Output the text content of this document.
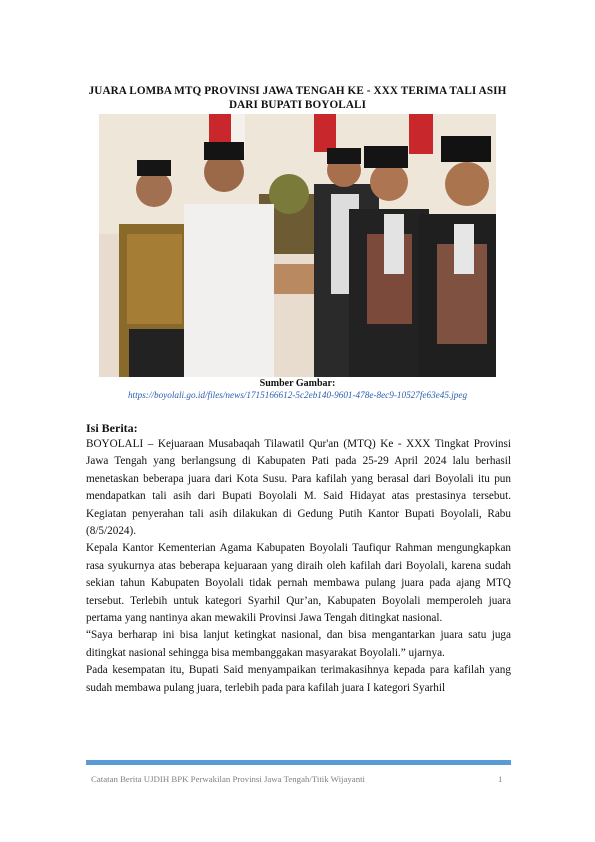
JUARA LOMBA MTQ PROVINSI JAWA TENGAH KE - XXX TERIMA TALI ASIH DARI BUPATI BOYOLALI
Sumber Gambar:
https://boyolali.go.id/files/news/1715166612-5c2eb140-9601-478e-8ec9-10527fe63e45.jpeg
Isi Berita:

BOYOLALI – Kejuaraan Musabaqah Tilawatil Qur'an (MTQ) Ke - XXX Tingkat Provinsi Jawa Tengah yang berlangsung di Kabupaten Pati pada 25-29 April 2024 lalu berhasil menetaskan beberapa juara dari Kota Susu. Para kafilah yang berasal dari Boyolali itu pun mendapatkan tali asih dari Bupati Boyolali M. Said Hidayat atas prestasinya tersebut. Kegiatan penyerahan tali asih dilakukan di Gedung Putih Kantor Bupati Boyolali, Rabu (8/5/2024).

Kepala Kantor Kementerian Agama Kabupaten Boyolali Taufiqur Rahman mengungkapkan rasa syukurnya atas beberapa kejuaraan yang diraih oleh kafilah dari Boyolali, karena sudah sekian tahun Kabupaten Boyolali tidak pernah membawa pulang juara pada ajang MTQ tersebut. Terlebih untuk kategori Syarhil Qur’an, Kabupaten Boyolali memperoleh juara pertama yang nantinya akan mewakili Provinsi Jawa Tengah ditingkat nasional.

“Saya berharap ini bisa lanjut ketingkat nasional, dan bisa mengantarkan juara satu juga ditingkat nasional sehingga bisa membanggakan masyarakat Boyolali.” ujarnya.

Pada kesempatan itu, Bupati Said menyampaikan terimakasihnya kepada para kafilah yang sudah membawa pulang juara, terlebih pada para kafilah juara I kategori Syarhil

Catatan Berita UJDIH BPK Perwakilan Provinsi Jawa Tengah/Titik Wijayanti	1
